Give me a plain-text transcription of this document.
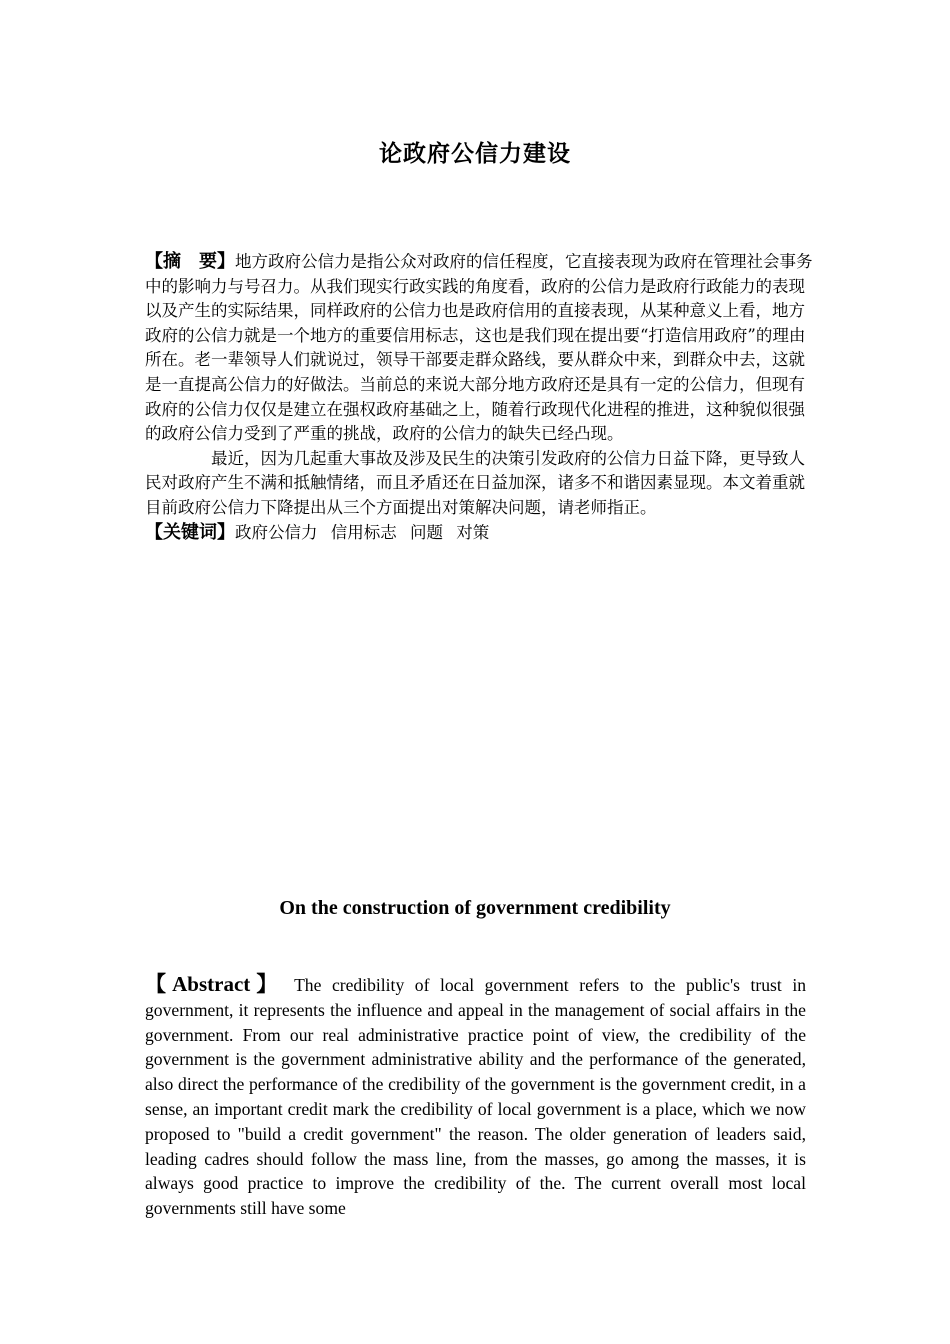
论政府公信力建设

【摘　要】地方政府公信力是指公众对政府的信任程度，它直接表现为政府在管理社会事务中的影响力与号召力。从我们现实行政实践的角度看，政府的公信力是政府行政能力的表现以及产生的实际结果，同样政府的公信力也是政府信用的直接表现，从某种意义上看，地方政府的公信力就是一个地方的重要信用标志，这也是我们现在提出要“打造信用政府”的理由所在。老一辈领导人们就说过，领导干部要走群众路线，要从群众中来，到群众中去，这就是一直提高公信力的好做法。当前总的来说大部分地方政府还是具有一定的公信力，但现有政府的公信力仅仅是建立在强权政府基础之上，随着行政现代化进程的推进，这种貌似很强的政府公信力受到了严重的挑战，政府的公信力的缺失已经凸现。

最近，因为几起重大事故及涉及民生的决策引发政府的公信力日益下降，更导致人民对政府产生不满和抵触情绪，而且矛盾还在日益加深，诸多不和谐因素显现。本文着重就目前政府公信力下降提出从三个方面提出对策解决问题，请老师指正。

【关键词】政府公信力 信用标志 问题 对策

On the construction of government credibility
【Abstract】 The credibility of local government refers to the public's trust in government, it represents the influence and appeal in the management of social affairs in the government. From our real administrative practice point of view, the credibility of the government is the government administrative ability and the performance of the generated, also direct the performance of the credibility of the government is the government credit, in a sense, an important credit mark the credibility of local government is a place, which we now proposed to "build a credit government" the reason. The older generation of leaders said, leading cadres should follow the mass line, from the masses, go among the masses, it is always good practice to improve the credibility of the. The current overall most local governments still have some
